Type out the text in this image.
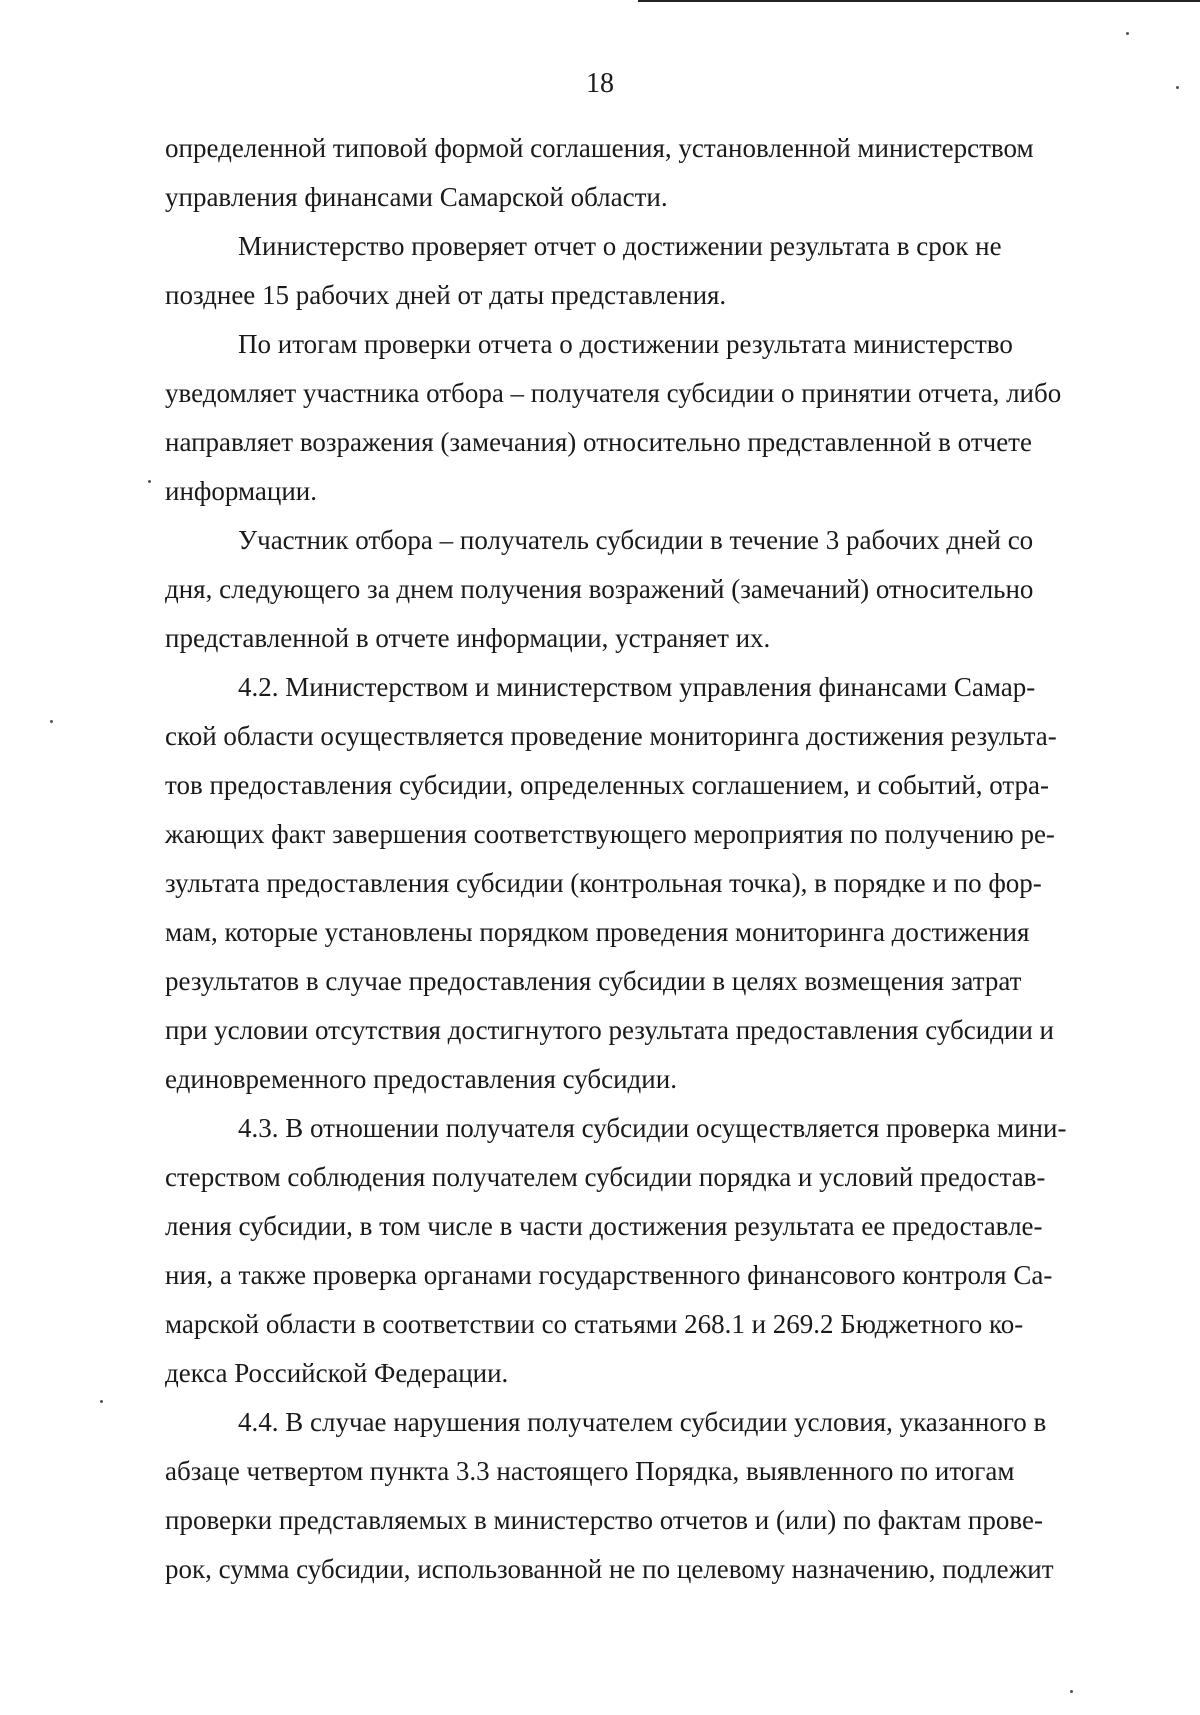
18

определенной типовой формой соглашения, установленной министерством
управления финансами Самарской области.

Министерство проверяет отчет о достижении результата в срок не
позднее 15 рабочих дней от даты представления.

По итогам проверки отчета о достижении результата министерство
уведомляет участника отбора – получателя субсидии о принятии отчета, либо
направляет возражения (замечания) относительно представленной в отчете
информации.

Участник отбора – получатель субсидии в течение 3 рабочих дней со
дня, следующего за днем получения возражений (замечаний) относительно
представленной в отчете информации, устраняет их.

4.2. Министерством и министерством управления финансами Самар-
ской области осуществляется проведение мониторинга достижения результа-
тов предоставления субсидии, определенных соглашением, и событий, отра-
жающих факт завершения соответствующего мероприятия по получению ре-
зультата предоставления субсидии (контрольная точка), в порядке и по фор-
мам, которые установлены порядком проведения мониторинга достижения
результатов в случае предоставления субсидии в целях возмещения затрат
при условии отсутствия достигнутого результата предоставления субсидии и
единовременного предоставления субсидии.

4.3. В отношении получателя субсидии осуществляется проверка мини-
стерством соблюдения получателем субсидии порядка и условий предостав-
ления субсидии, в том числе в части достижения результата ее предоставле-
ния, а также проверка органами государственного финансового контроля Са-
марской области в соответствии со статьями 268.1 и 269.2 Бюджетного ко-
декса Российской Федерации.

4.4. В случае нарушения получателем субсидии условия, указанного в
абзаце четвертом пункта 3.3 настоящего Порядка, выявленного по итогам
проверки представляемых в министерство отчетов и (или) по фактам прове-
рок, сумма субсидии, использованной не по целевому назначению, подлежит
